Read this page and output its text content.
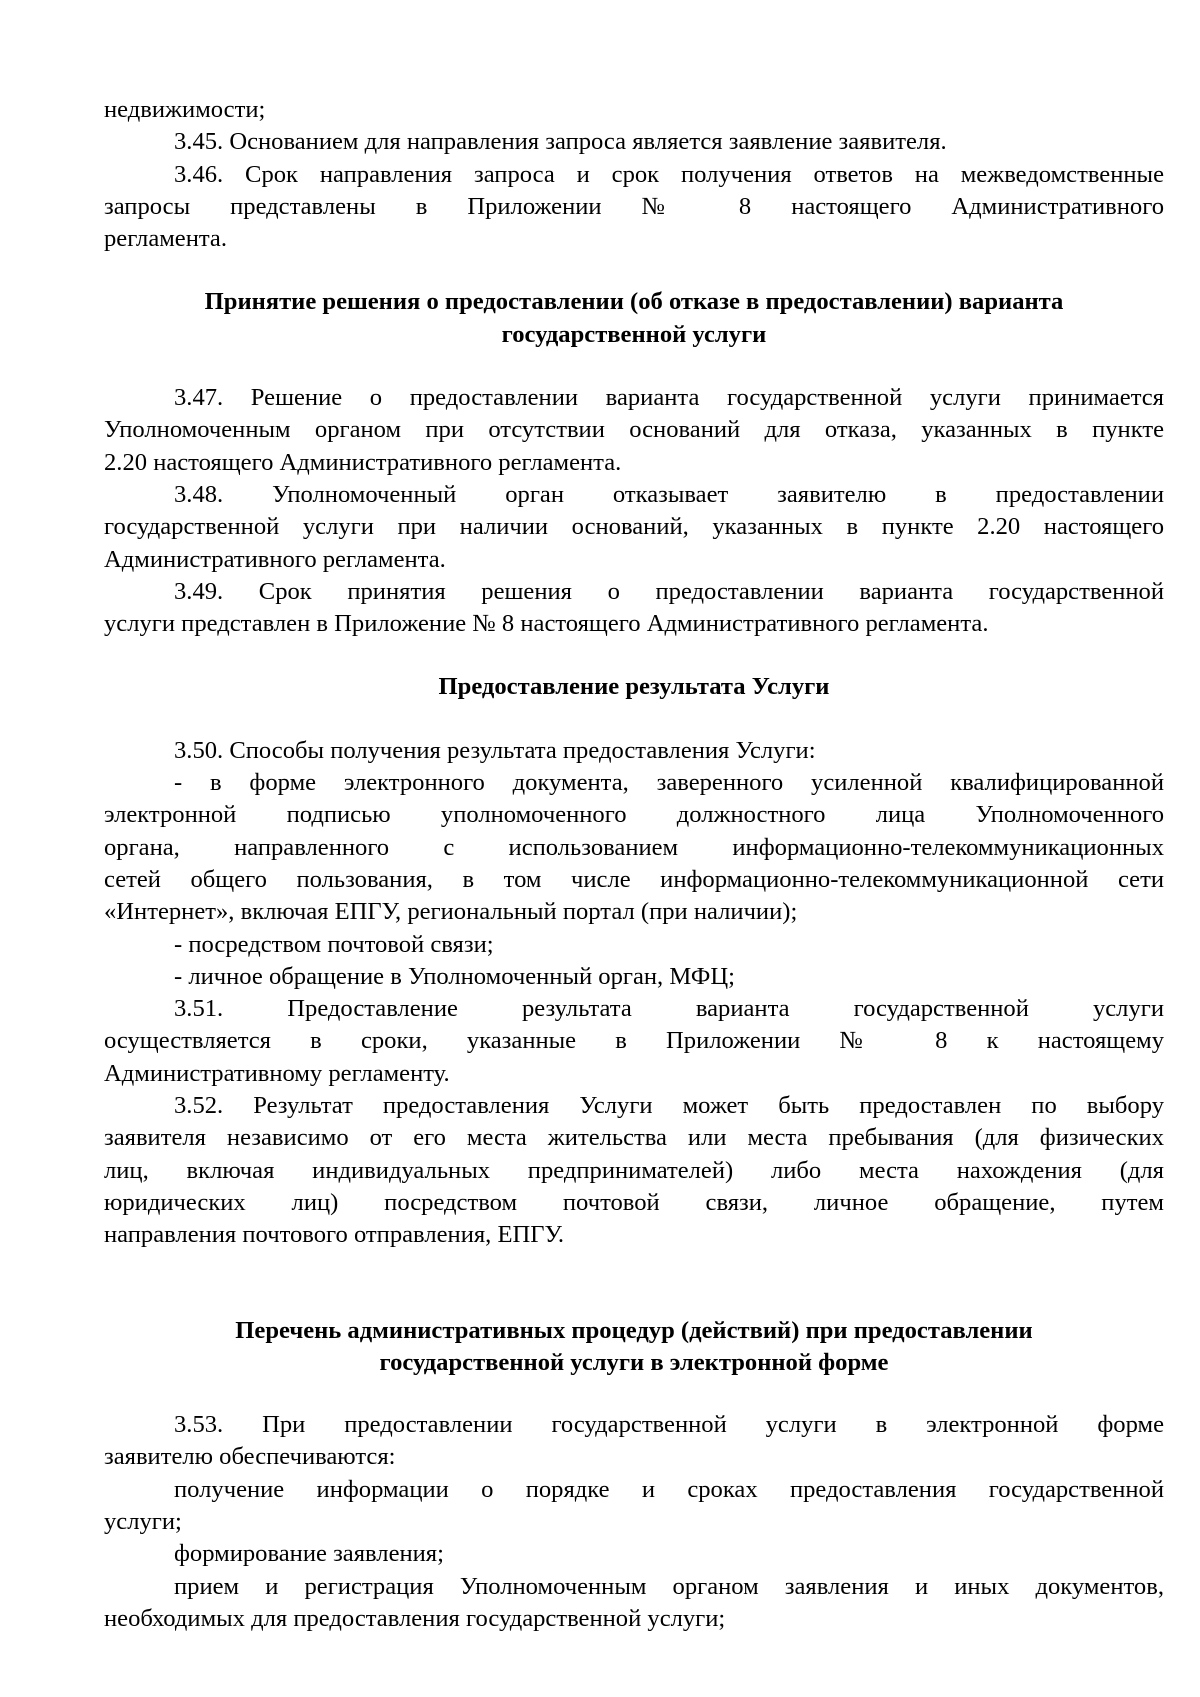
недвижимости;

3.45. Основанием для направления запроса является заявление заявителя.

3.46. Срок направления запроса и срок получения ответов на межведомственные

запросы представлены в Приложении № 8 настоящего Административного

регламента.

Принятие решения о предоставлении (об отказе в предоставлении) варианта
государственной услуги

3.47. Решение о предоставлении варианта государственной услуги принимается

Уполномоченным органом при отсутствии оснований для отказа, указанных в пункте

2.20 настоящего Административного регламента.

3.48. Уполномоченный орган отказывает заявителю в предоставлении

государственной услуги при наличии оснований, указанных в пункте 2.20 настоящего

Административного регламента.

3.49. Срок принятия решения о предоставлении варианта государственной

услуги представлен в Приложение № 8 настоящего Административного регламента.

Предоставление результата Услуги

3.50. Способы получения результата предоставления Услуги:

- в форме электронного документа, заверенного усиленной квалифицированной

электронной подписью уполномоченного должностного лица Уполномоченного

органа, направленного с использованием информационно-телекоммуникационных

сетей общего пользования, в том числе информационно-телекоммуникационной сети

«Интернет», включая ЕПГУ, региональный портал (при наличии);

- посредством почтовой связи;

- личное обращение в Уполномоченный орган, МФЦ;

3.51. Предоставление результата варианта государственной услуги

осуществляется в сроки, указанные в Приложении № 8 к настоящему

Административному регламенту.

3.52. Результат предоставления Услуги может быть предоставлен по выбору

заявителя независимо от его места жительства или места пребывания (для физических

лиц, включая индивидуальных предпринимателей) либо места нахождения (для

юридических лиц) посредством почтовой связи, личное обращение, путем

направления почтового отправления, ЕПГУ.

Перечень административных процедур (действий) при предоставлении
государственной услуги в электронной форме

3.53. При предоставлении государственной услуги в электронной форме

заявителю обеспечиваются:

получение информации о порядке и сроках предоставления государственной

услуги;

формирование заявления;

прием и регистрация Уполномоченным органом заявления и иных документов,

необходимых для предоставления государственной услуги;
